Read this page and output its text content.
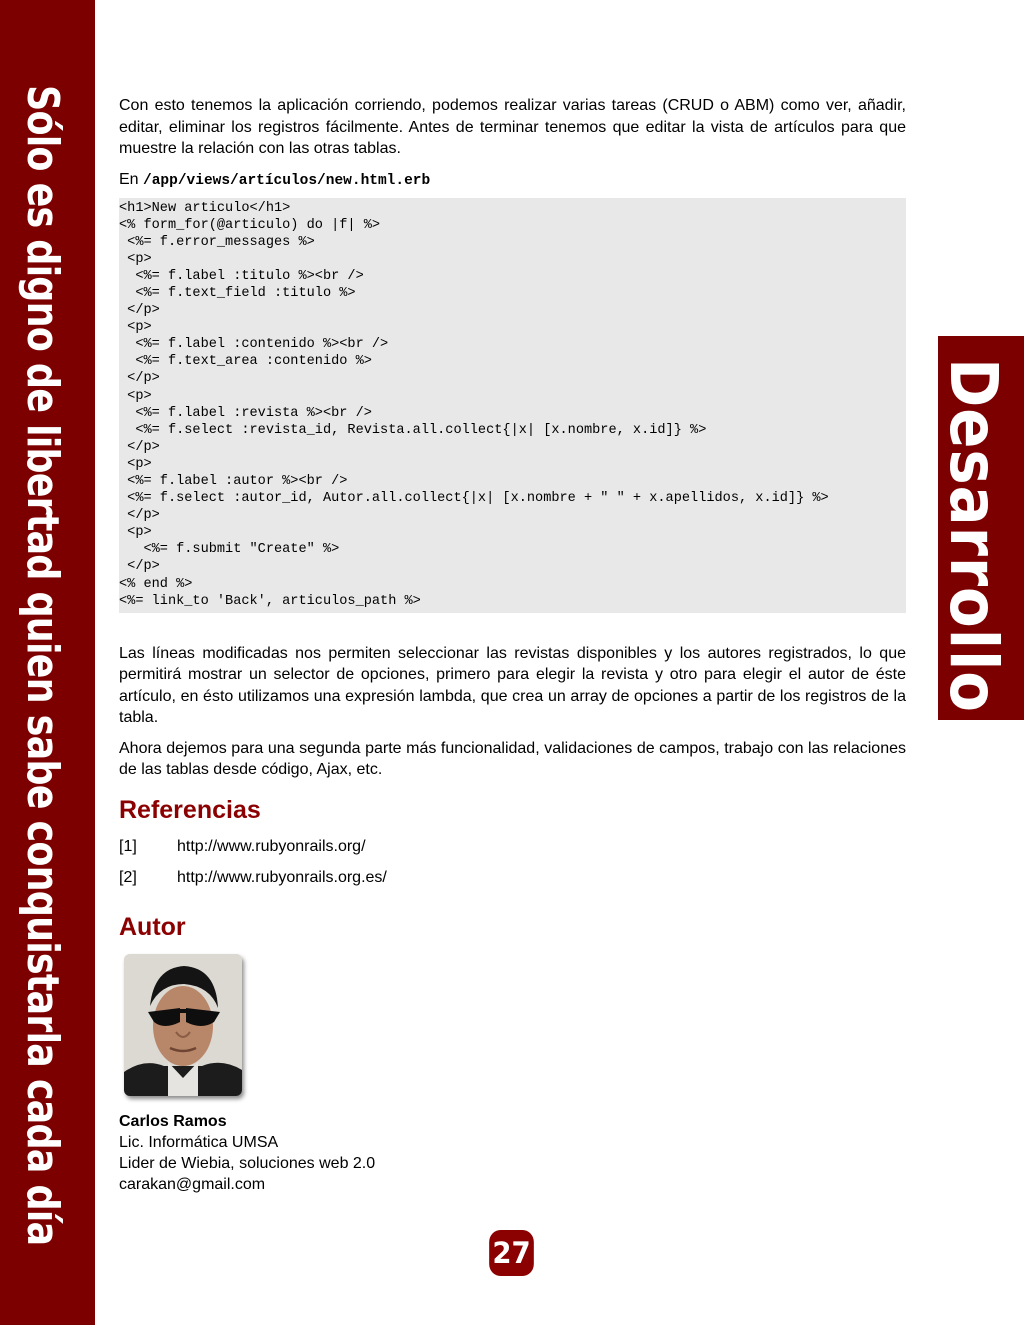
Sólo es digno de libertad quien sabe conquistarla cada día	Desarrollo

Con esto tenemos la aplicación corriendo, podemos realizar varias tareas (CRUD o ABM) como ver, añadir, editar, eliminar los registros fácilmente. Antes de terminar tenemos que editar la vista de artículos para que muestre la relación con las otras tablas.

En /app/views/artículos/new.html.erb
<h1>New articulo</h1>
<% form_for(@articulo) do |f| %>
<%= f.error_messages %>
<p>
<%= f.label :titulo %><br />
<%= f.text_field :titulo %>
</p>
<p>
<%= f.label :contenido %><br />
<%= f.text_area :contenido %>
</p>
<p>
<%= f.label :revista %><br />
<%= f.select :revista_id, Revista.all.collect{|x| [x.nombre, x.id]} %>
</p>
<p>
<%= f.label :autor %><br />
<%= f.select :autor_id, Autor.all.collect{|x| [x.nombre + " " + x.apellidos, x.id]} %>
</p>
<p>
<%= f.submit "Create" %>
</p>
<% end %>
<%= link_to 'Back', articulos_path %>

Las líneas modificadas nos permiten seleccionar las revistas disponibles y los autores registrados, lo que permitirá mostrar un selector de opciones, primero para elegir la revista y otro para elegir el autor de éste artículo, en ésto utilizamos una expresión lambda, que crea un array de opciones a partir de los registros de la tabla.

Ahora dejemos para una segunda parte más funcionalidad, validaciones de campos, trabajo con las relaciones de las tablas desde código, Ajax, etc.

Referencias
[1]	http://www.rubyonrails.org/
[2]	http://www.rubyonrails.org.es/
Autor
Carlos Ramos
Lic. Informática UMSA
Lider de Wiebia, soluciones web 2.0
carakan@gmail.com
27
